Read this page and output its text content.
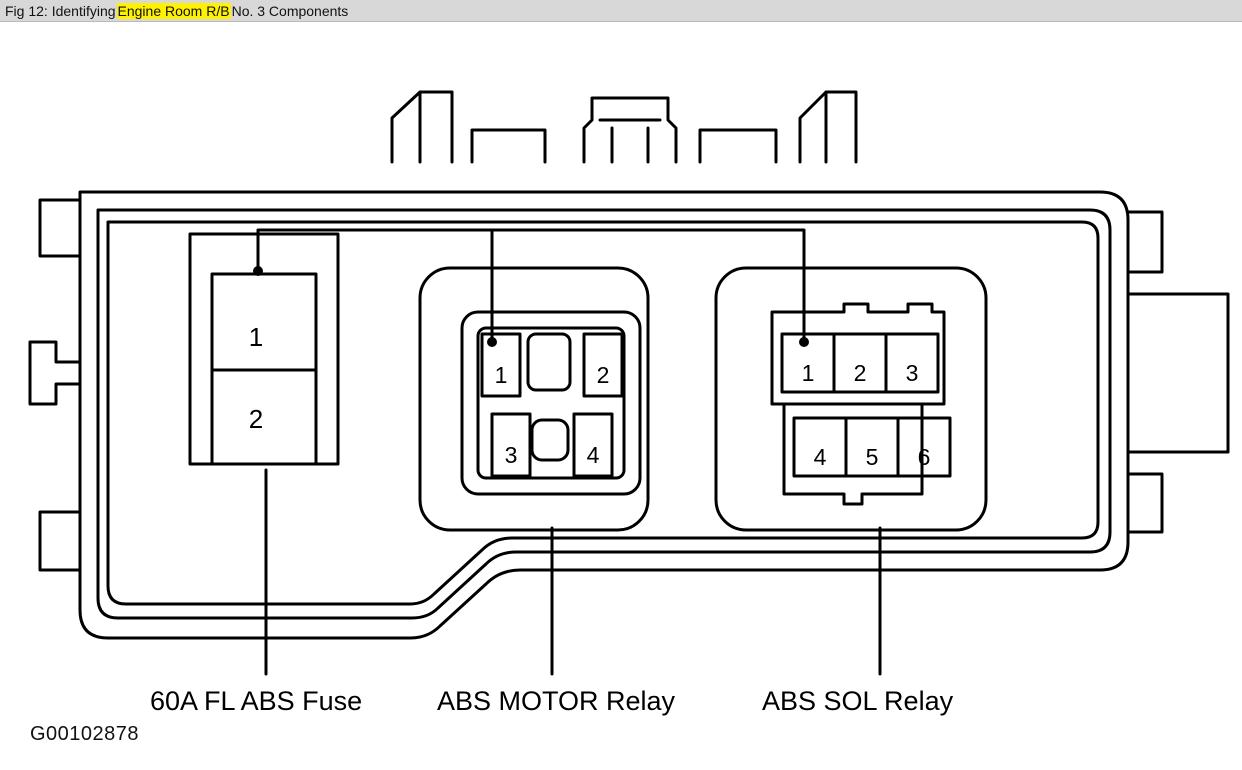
Fig 12: Identifying Engine Room R/B No. 3 Components
1
2
1	2
3	4
1 2 3
4 5 6
60A FL ABS Fuse	ABS MOTOR Relay	ABS SOL Relay
G00102878
